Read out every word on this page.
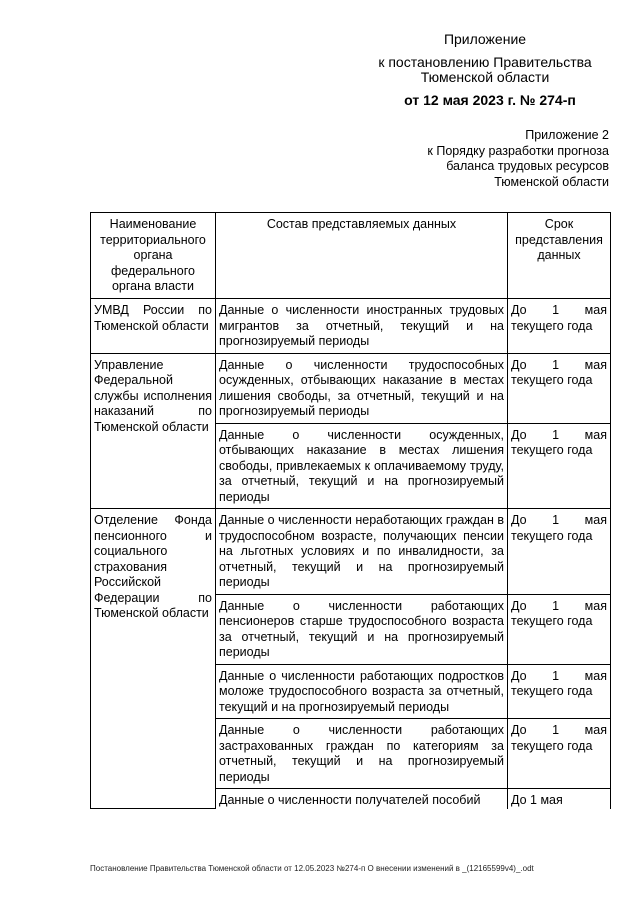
Приложение
к постановлению Правительства
Тюменской области
от 12 мая 2023 г. № 274-п
Приложение 2
к Порядку разработки прогноза
баланса трудовых ресурсов
Тюменской области
Наименование территориального органа федерального органа власти	Состав представляемых данных	Срок представления данных
УМВД России по Тюменской области	Данные о численности иностранных трудовых мигрантов за отчетный, текущий и на прогнозируемый периоды	До 1 мая текущего года
Управление Федеральной службы исполнения наказаний по Тюменской области	Данные о численности трудоспособных осужденных, отбывающих наказание в местах лишения свободы, за отчетный, текущий и на прогнозируемый периоды	До 1 мая текущего года
	Данные о численности осужденных, отбывающих наказание в местах лишения свободы, привлекаемых к оплачиваемому труду, за отчетный, текущий и на прогнозируемый периоды	До 1 мая текущего года
Отделение Фонда пенсионного и социального страхования Российской Федерации по Тюменской области	Данные о численности неработающих граждан в трудоспособном возрасте, получающих пенсии на льготных условиях и по инвалидности, за отчетный, текущий и на прогнозируемый периоды	До 1 мая текущего года
	Данные о численности работающих пенсионеров старше трудоспособного возраста за отчетный, текущий и на прогнозируемый периоды	До 1 мая текущего года
	Данные о численности работающих подростков моложе трудоспособного возраста за отчетный, текущий и на прогнозируемый периоды	До 1 мая текущего года
	Данные о численности работающих застрахованных граждан по категориям за отчетный, текущий и на прогнозируемый периоды	До 1 мая текущего года
	Данные о численности получателей пособий	До 1 мая
Постановление Правительства Тюменской области от 12.05.2023 №274-п О внесении изменений в _(12165599v4)_.odt
